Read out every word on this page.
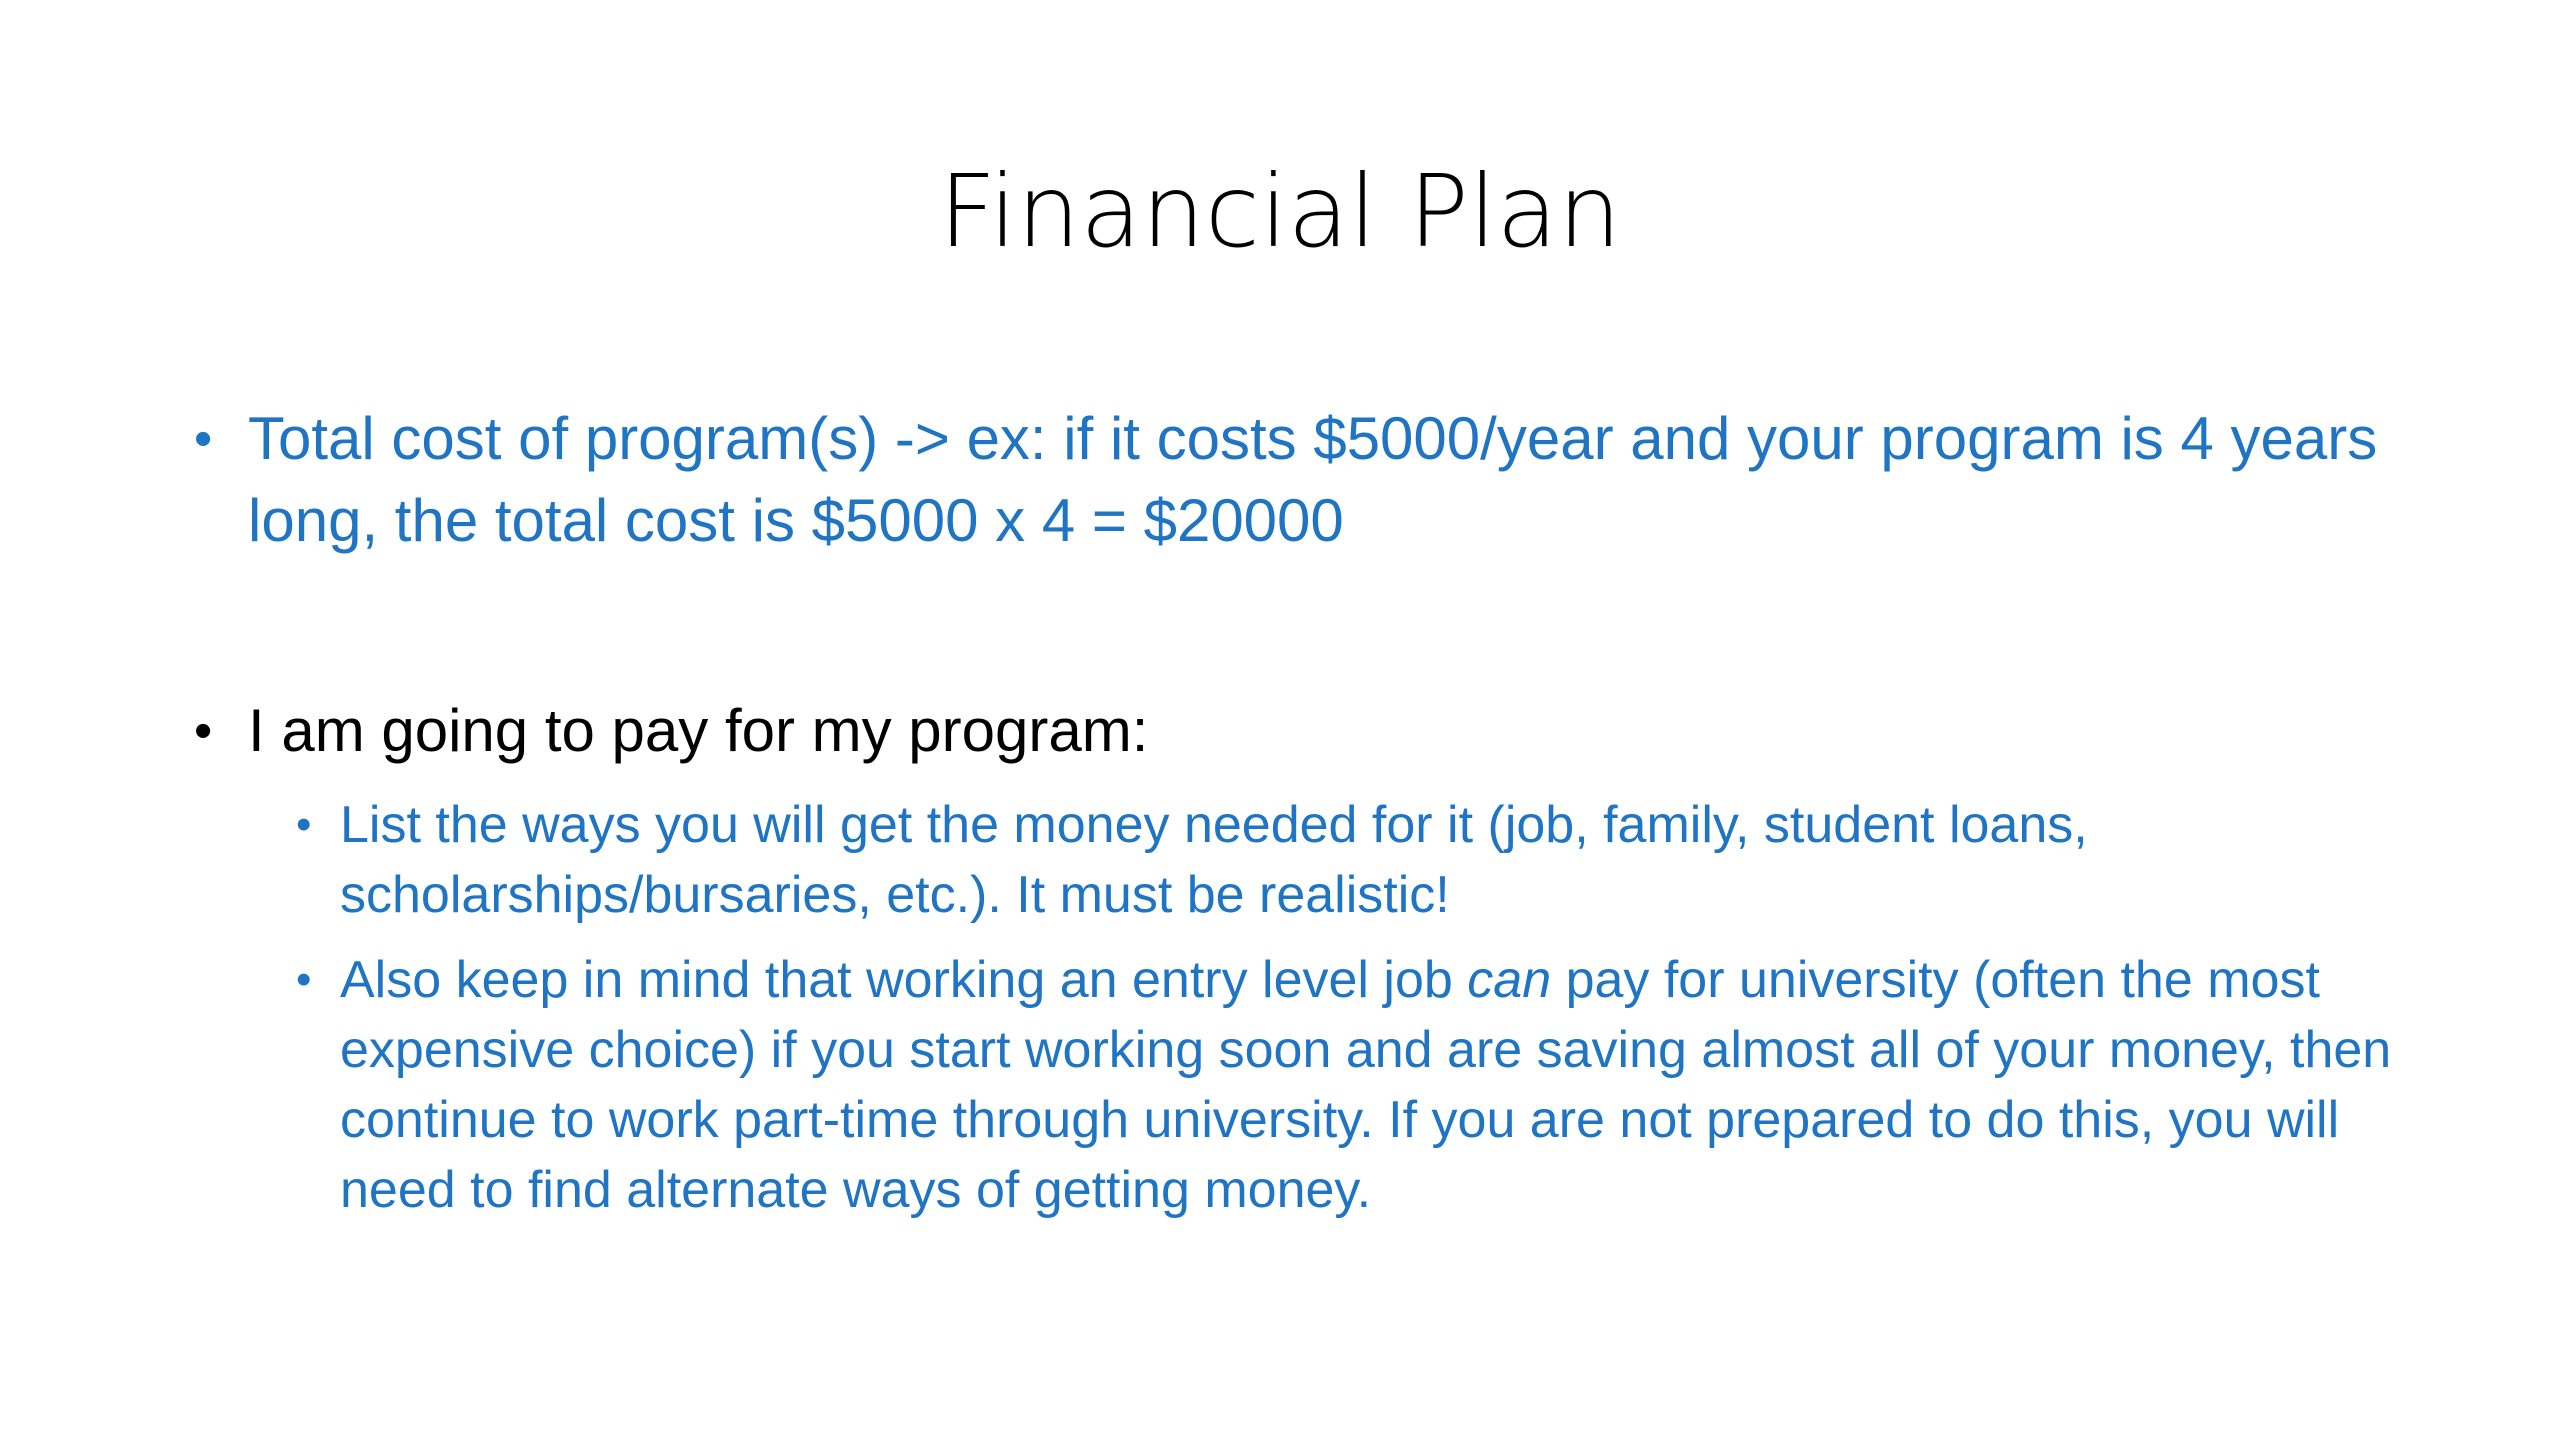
Financial Plan
• Total cost of program(s) -> ex: if it costs $5000/year and your program is 4 years long, the total cost is $5000 x 4 = $20000
• I am going to pay for my program:
• List the ways you will get the money needed for it (job, family, student loans, scholarships/bursaries, etc.). It must be realistic!
• Also keep in mind that working an entry level job can pay for university (often the most expensive choice) if you start working soon and are saving almost all of your money, then continue to work part-time through university. If you are not prepared to do this, you will need to find alternate ways of getting money.
